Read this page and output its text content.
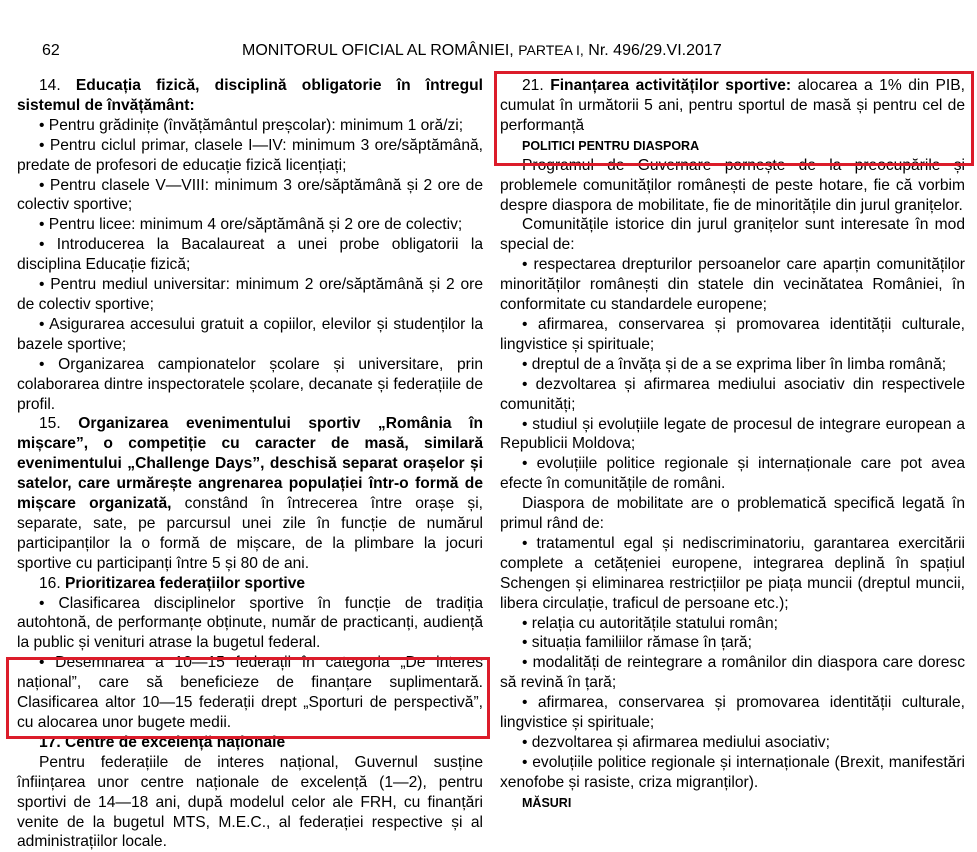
62	MONITORUL OFICIAL AL ROMÂNIEI, PARTEA I, Nr. 496/29.VI.2017

14. Educația fizică, disciplină obligatorie în întregul sistemul de învățământ:

• Pentru grădinițe (învățământul preșcolar): minimum 1 oră/zi;

• Pentru ciclul primar, clasele I—IV: minimum 3 ore/săptămână, predate de profesori de educație fizică licențiați;

• Pentru clasele V—VIII: minimum 3 ore/săptămână și 2 ore de colectiv sportive;

• Pentru licee: minimum 4 ore/săptămână și 2 ore de colectiv;

• Introducerea la Bacalaureat a unei probe obligatorii la disciplina Educație fizică;

• Pentru mediul universitar: minimum 2 ore/săptămână și 2 ore de colectiv sportive;

• Asigurarea accesului gratuit a copiilor, elevilor și studenților la bazele sportive;

• Organizarea campionatelor școlare și universitare, prin colaborarea dintre inspectoratele școlare, decanate și federațiile de profil.

15. Organizarea evenimentului sportiv „România în mișcare”, o competiție cu caracter de masă, similară evenimentului „Challenge Days”, deschisă separat orașelor și satelor, care urmărește angrenarea populației într-o formă de mișcare organizată, constând în întrecerea între orașe și, separate, sate, pe parcursul unei zile în funcție de numărul participanților la o formă de mișcare, de la plimbare la jocuri sportive cu participanți între 5 și 80 de ani.

16. Prioritizarea federațiilor sportive

• Clasificarea disciplinelor sportive în funcție de tradiția autohtonă, de performanțe obținute, număr de practicanți, audiență la public și venituri atrase la bugetul federal.

• Desemnarea a 10—15 federații în categoria „De interes național”, care să beneficieze de finanțare suplimentară. Clasificarea altor 10—15 federații drept „Sporturi de perspectivă”, cu alocarea unor bugete medii.

17. Centre de excelență naționale

Pentru federațiile de interes național, Guvernul susține înființarea unor centre naționale de excelență (1—2), pentru sportivi de 14—18 ani, după modelul celor ale FRH, cu finanțări venite de la bugetul MTS, M.E.C., al federației respective și al administrațiilor locale.

21. Finanțarea activităților sportive: alocarea a 1% din PIB, cumulat în următorii 5 ani, pentru sportul de masă și pentru cel de performanță

POLITICI PENTRU DIASPORA

Programul de Guvernare pornește de la preocupările și problemele comunităților românești de peste hotare, fie că vorbim despre diaspora de mobilitate, fie de minoritățile din jurul granițelor.

Comunitățile istorice din jurul granițelor sunt interesate în mod special de:

• respectarea drepturilor persoanelor care aparțin comunităților minorităților românești din statele din vecinătatea României, în conformitate cu standardele europene;

• afirmarea, conservarea și promovarea identității culturale, lingvistice și spirituale;

• dreptul de a învăța și de a se exprima liber în limba română;

• dezvoltarea și afirmarea mediului asociativ din respectivele comunități;

• studiul și evoluțiile legate de procesul de integrare european a Republicii Moldova;

• evoluțiile politice regionale și internaționale care pot avea efecte în comunitățile de români.

Diaspora de mobilitate are o problematică specifică legată în primul rând de:

• tratamentul egal și nediscriminatoriu, garantarea exercitării complete a cetățeniei europene, integrarea deplină în spațiul Schengen și eliminarea restricțiilor pe piața muncii (dreptul muncii, libera circulație, traficul de persoane etc.);

• relația cu autoritățile statului român;

• situația familiilor rămase în țară;

• modalități de reintegrare a românilor din diaspora care doresc să revină în țară;

• afirmarea, conservarea și promovarea identității culturale, lingvistice și spirituale;

• dezvoltarea și afirmarea mediului asociativ;

• evoluțiile politice regionale și internaționale (Brexit, manifestări xenofobe și rasiste, criza migranților).

MĂSURI
